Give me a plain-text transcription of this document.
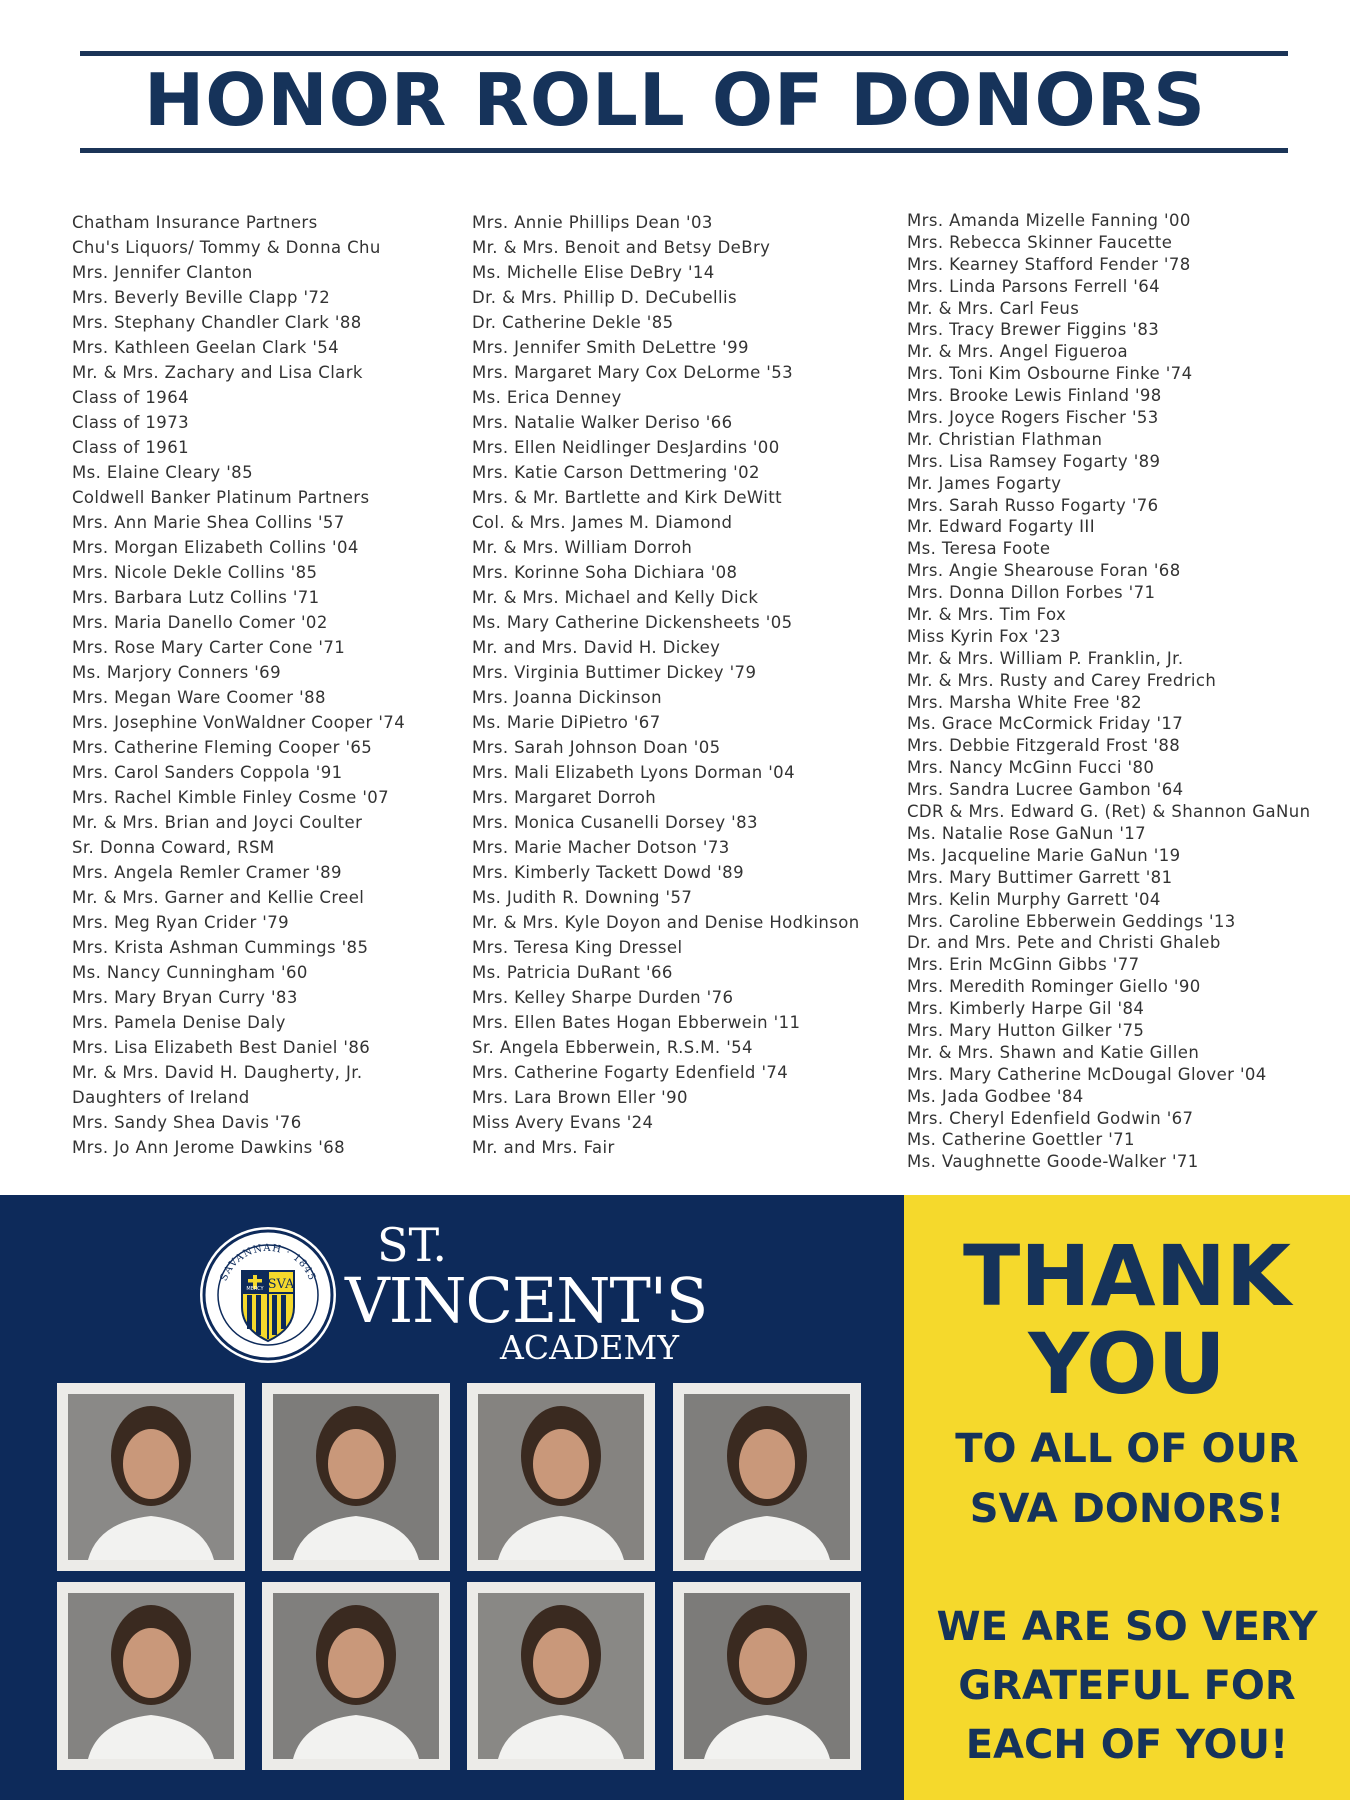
HONOR ROLL OF DONORS
Chatham Insurance Partners
Chu's Liquors/ Tommy & Donna Chu
Mrs. Jennifer Clanton
Mrs. Beverly Beville Clapp '72
Mrs. Stephany Chandler Clark '88
Mrs. Kathleen Geelan Clark '54
Mr. & Mrs. Zachary and Lisa Clark
Class of 1964
Class of 1973
Class of 1961
Ms. Elaine Cleary '85
Coldwell Banker Platinum Partners
Mrs. Ann Marie Shea Collins '57
Mrs. Morgan Elizabeth Collins '04
Mrs. Nicole Dekle Collins '85
Mrs. Barbara Lutz Collins '71
Mrs. Maria Danello Comer '02
Mrs. Rose Mary Carter Cone '71
Ms. Marjory Conners '69
Mrs. Megan Ware Coomer '88
Mrs. Josephine VonWaldner Cooper '74
Mrs. Catherine Fleming Cooper '65
Mrs. Carol Sanders Coppola '91
Mrs. Rachel Kimble Finley Cosme '07
Mr. & Mrs. Brian and Joyci Coulter
Sr. Donna Coward, RSM
Mrs. Angela Remler Cramer '89
Mr. & Mrs. Garner and Kellie Creel
Mrs. Meg Ryan Crider '79
Mrs. Krista Ashman Cummings '85
Ms. Nancy Cunningham '60
Mrs. Mary Bryan Curry '83
Mrs. Pamela Denise Daly
Mrs. Lisa Elizabeth Best Daniel '86
Mr. & Mrs. David H. Daugherty, Jr.
Daughters of Ireland
Mrs. Sandy Shea Davis '76
Mrs. Jo Ann Jerome Dawkins '68
Mrs. Annie Phillips Dean '03
Mr. & Mrs. Benoit and Betsy DeBry
Ms. Michelle Elise DeBry '14
Dr. & Mrs. Phillip D. DeCubellis
Dr. Catherine Dekle '85
Mrs. Jennifer Smith DeLettre '99
Mrs. Margaret Mary Cox DeLorme '53
Ms. Erica Denney
Mrs. Natalie Walker Deriso '66
Mrs. Ellen Neidlinger DesJardins '00
Mrs. Katie Carson Dettmering '02
Mrs. & Mr. Bartlette and Kirk DeWitt
Col. & Mrs. James M. Diamond
Mr. & Mrs. William Dorroh
Mrs. Korinne Soha Dichiara '08
Mr. & Mrs. Michael and Kelly Dick
Ms. Mary Catherine Dickensheets '05
Mr. and Mrs. David H. Dickey
Mrs. Virginia Buttimer Dickey '79
Mrs. Joanna Dickinson
Ms. Marie DiPietro '67
Mrs. Sarah Johnson Doan '05
Mrs. Mali Elizabeth Lyons Dorman '04
Mrs. Margaret Dorroh
Mrs. Monica Cusanelli Dorsey '83
Mrs. Marie Macher Dotson '73
Mrs. Kimberly Tackett Dowd '89
Ms. Judith R. Downing '57
Mr. & Mrs. Kyle Doyon and Denise Hodkinson
Mrs. Teresa King Dressel
Ms. Patricia DuRant '66
Mrs. Kelley Sharpe Durden '76
Mrs. Ellen Bates Hogan Ebberwein '11
Sr. Angela Ebberwein, R.S.M. '54
Mrs. Catherine Fogarty Edenfield '74
Mrs. Lara Brown Eller '90
Miss Avery Evans '24
Mr. and Mrs. Fair
Mrs. Amanda Mizelle Fanning '00
Mrs. Rebecca Skinner Faucette
Mrs. Kearney Stafford Fender '78
Mrs. Linda Parsons Ferrell '64
Mr. & Mrs. Carl Feus
Mrs. Tracy Brewer Figgins '83
Mr. & Mrs. Angel Figueroa
Mrs. Toni Kim Osbourne Finke '74
Mrs. Brooke Lewis Finland '98
Mrs. Joyce Rogers Fischer '53
Mr. Christian Flathman
Mrs. Lisa Ramsey Fogarty '89
Mr. James Fogarty
Mrs. Sarah Russo Fogarty '76
Mr. Edward Fogarty III
Ms. Teresa Foote
Mrs. Angie Shearouse Foran '68
Mrs. Donna Dillon Forbes '71
Mr. & Mrs. Tim Fox
Miss Kyrin Fox '23
Mr. & Mrs. William P. Franklin, Jr.
Mr. & Mrs. Rusty and Carey Fredrich
Mrs. Marsha White Free '82
Ms. Grace McCormick Friday '17
Mrs. Debbie Fitzgerald Frost '88
Mrs. Nancy McGinn Fucci '80
Mrs. Sandra Lucree Gambon '64
CDR & Mrs. Edward G. (Ret) & Shannon GaNun
Ms. Natalie Rose GaNun '17
Ms. Jacqueline Marie GaNun '19
Mrs. Mary Buttimer Garrett '81
Mrs. Kelin Murphy Garrett '04
Mrs. Caroline Ebberwein Geddings '13
Dr. and Mrs. Pete and Christi Ghaleb
Mrs. Erin McGinn Gibbs '77
Mrs. Meredith Rominger Giello '90
Mrs. Kimberly Harpe Gil '84
Mrs. Mary Hutton Gilker '75
Mr. & Mrs. Shawn and Katie Gillen
Mrs. Mary Catherine McDougal Glover '04
Ms. Jada Godbee '84
Mrs. Cheryl Edenfield Godwin '67
Ms. Catherine Goettler '71
Ms. Vaughnette Goode-Walker '71
SAVANNAH · 1845
MERCY SVA
ST.
VINCENT'S
ACADEMY
THANK
YOU
TO ALL OF OUR
SVA DONORS!
WE ARE SO VERY
GRATEFUL FOR
EACH OF YOU!
